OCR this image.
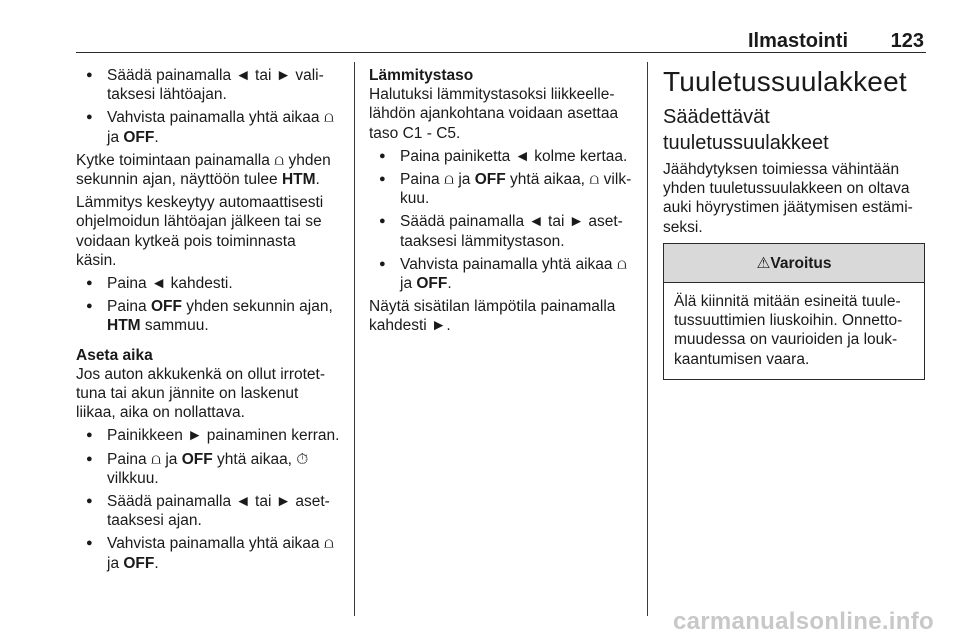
Ilmastointi 123
● Säädä painamalla ◄ tai ► valitaksesi lähtöajan.
● Vahvista painamalla yhtä aikaa ⩍ ja OFF.

Kytke toimintaan painamalla ⩍ yhden sekunnin ajan, näyttöön tulee HTM.

Lämmitys keskeytyy automaattisesti ohjelmoidun lähtöajan jälkeen tai se voidaan kytkeä pois toiminnasta käsin.

● Paina ◄ kahdesti.
● Paina OFF yhden sekunnin ajan, HTM sammuu.

Aseta aika

Jos auton akkukenkä on ollut irrotettuna tai akun jännite on laskenut liikaa, aika on nollattava.

● Painikkeen ► painaminen kerran.
● Paina ⩍ ja OFF yhtä aikaa, ⏱ vilkkuu.
● Säädä painamalla ◄ tai ► asettaaksesi ajan.
● Vahvista painamalla yhtä aikaa ⩍ ja OFF.

Lämmitystaso

Halutuksi lämmitystasoksi liikkeellelähdön ajankohtana voidaan asettaa taso C1 - C5.

● Paina painiketta ◄ kolme kertaa.
● Paina ⩍ ja OFF yhtä aikaa, ⩍ vilkkuu.
● Säädä painamalla ◄ tai ► asettaaksesi lämmitystason.
● Vahvista painamalla yhtä aikaa ⩍ ja OFF.

Näytä sisätilan lämpötila painamalla kahdesti ►.

Tuuletussuulakkeet
Säädettävät tuuletussuulakkeet

Jäähdytyksen toimiessa vähintään yhden tuuletussuulakkeen on oltava auki höyrystimen jäätymisen estämiseksi.

⚠Varoitus
Älä kiinnitä mitään esineitä tuuletussuuttimien liuskoihin. Onnettomuudessa on vaurioiden ja loukkaantumisen vaara.
carmanualsonline.info
